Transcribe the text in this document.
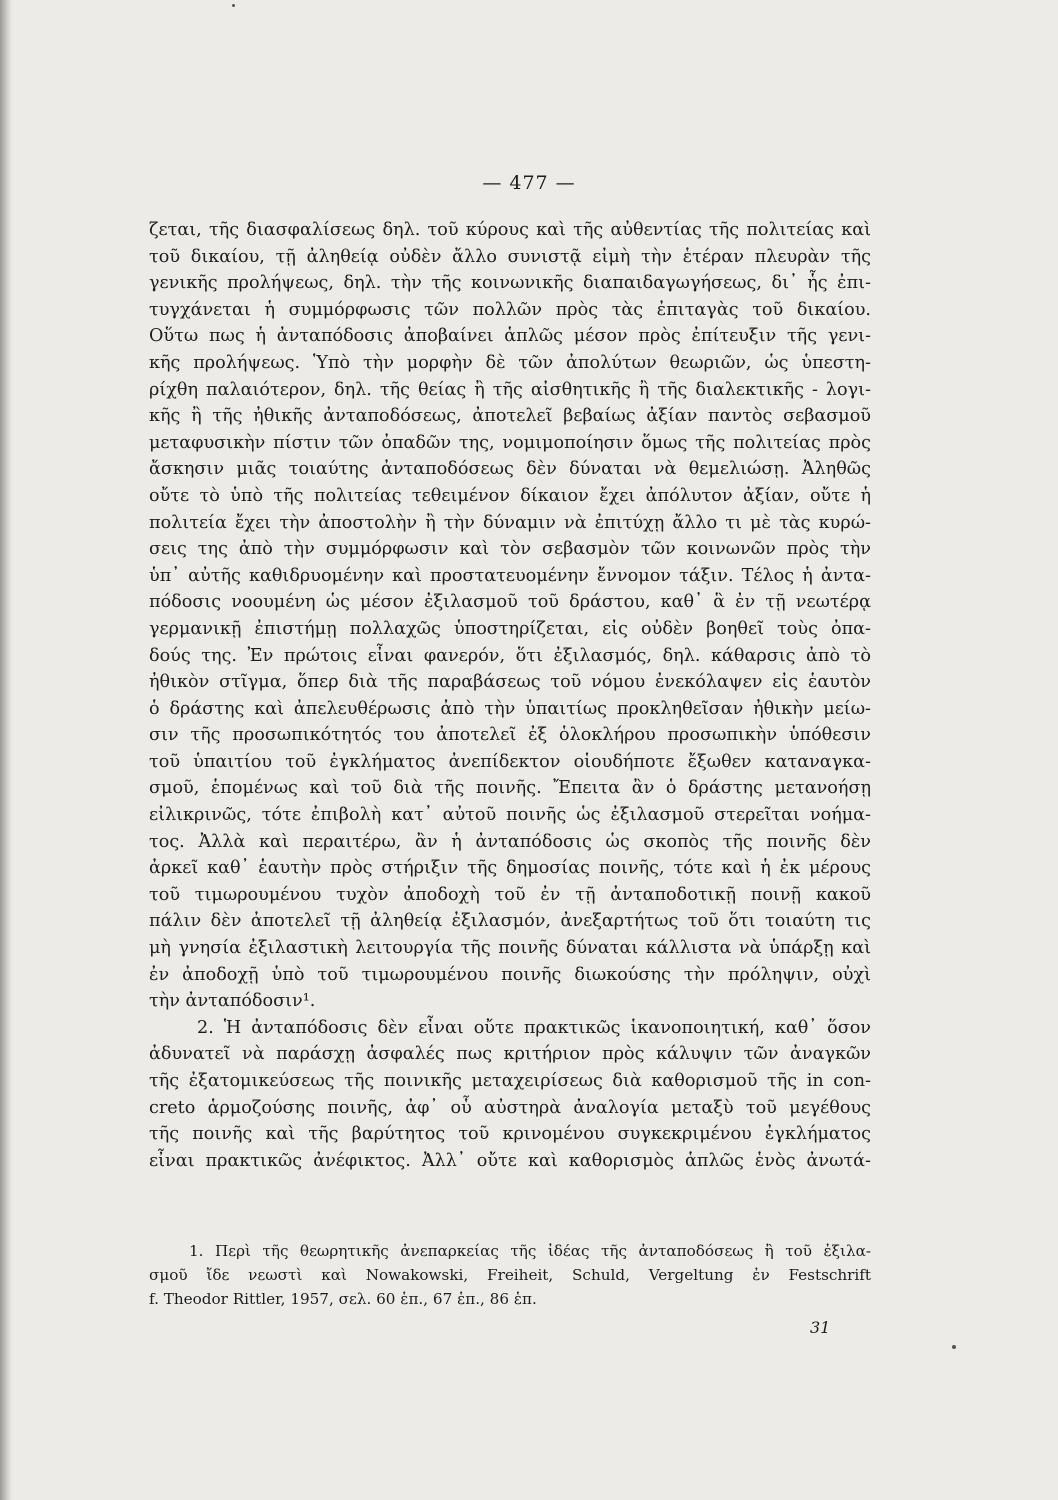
— 477 —
ζεται, τῆς διασφαλίσεως δηλ. τοῦ κύρους καὶ τῆς αὐθεντίας τῆς πολιτείας καὶ
τοῦ δικαίου, τῇ ἀληθείᾳ οὐδὲν ἄλλο συνιστᾷ εἰμὴ τὴν ἑτέραν πλευρὰν τῆς
γενικῆς προλήψεως, δηλ. τὴν τῆς κοινωνικῆς διαπαιδαγωγήσεως, δι᾽ ἧς ἐπι-
τυγχάνεται ἡ συμμόρφωσις τῶν πολλῶν πρὸς τὰς ἐπιταγὰς τοῦ δικαίου.
Οὕτω πως ἡ ἀνταπόδοσις ἀποβαίνει ἁπλῶς μέσον πρὸς ἐπίτευξιν τῆς γενι-
κῆς προλήψεως. Ὑπὸ τὴν μορφὴν δὲ τῶν ἀπολύτων θεωριῶν, ὡς ὑπεστη-
ρίχθη παλαιότερον, δηλ. τῆς θείας ἢ τῆς αἰσθητικῆς ἢ τῆς διαλεκτικῆς - λογι-
κῆς ἢ τῆς ἠθικῆς ἀνταποδόσεως, ἀποτελεῖ βεβαίως ἀξίαν παντὸς σεβασμοῦ
μεταφυσικὴν πίστιν τῶν ὀπαδῶν της, νομιμοποίησιν ὅμως τῆς πολιτείας πρὸς
ἄσκησιν μιᾶς τοιαύτης ἀνταποδόσεως δὲν δύναται νὰ θεμελιώσῃ. Ἀληθῶς
οὔτε τὸ ὑπὸ τῆς πολιτείας τεθειμένον δίκαιον ἔχει ἀπόλυτον ἀξίαν, οὔτε ἡ
πολιτεία ἔχει τὴν ἀποστολὴν ἢ τὴν δύναμιν νὰ ἐπιτύχῃ ἄλλο τι μὲ τὰς κυρώ-
σεις της ἀπὸ τὴν συμμόρφωσιν καὶ τὸν σεβασμὸν τῶν κοινωνῶν πρὸς τὴν
ὑπ᾽ αὐτῆς καθιδρυομένην καὶ προστατευομένην ἔννομον τάξιν. Τέλος ἡ ἀντα-
πόδοσις νοουμένη ὡς μέσον ἐξιλασμοῦ τοῦ δράστου, καθ᾽ ἃ ἐν τῇ νεωτέρᾳ
γερμανικῇ ἐπιστήμῃ πολλαχῶς ὑποστηρίζεται, εἰς οὐδὲν βοηθεῖ τοὺς ὀπα-
δούς της. Ἐν πρώτοις εἶναι φανερόν, ὅτι ἐξιλασμός, δηλ. κάθαρσις ἀπὸ τὸ
ἠθικὸν στῖγμα, ὅπερ διὰ τῆς παραβάσεως τοῦ νόμου ἐνεκόλαψεν εἰς ἑαυτὸν
ὁ δράστης καὶ ἀπελευθέρωσις ἀπὸ τὴν ὑπαιτίως προκληθεῖσαν ἠθικὴν μείω-
σιν τῆς προσωπικότητός του ἀποτελεῖ ἐξ ὁλοκλήρου προσωπικὴν ὑπόθεσιν
τοῦ ὑπαιτίου τοῦ ἐγκλήματος ἀνεπίδεκτον οἱουδήποτε ἔξωθεν καταναγκα-
σμοῦ, ἑπομένως καὶ τοῦ διὰ τῆς ποινῆς. Ἔπειτα ἂν ὁ δράστης μετανοήσῃ
εἰλικρινῶς, τότε ἐπιβολὴ κατ᾽ αὐτοῦ ποινῆς ὡς ἐξιλασμοῦ στερεῖται νοήμα-
τος. Ἀλλὰ καὶ περαιτέρω, ἂν ἡ ἀνταπόδοσις ὡς σκοπὸς τῆς ποινῆς δὲν
ἀρκεῖ καθ᾽ ἑαυτὴν πρὸς στήριξιν τῆς δημοσίας ποινῆς, τότε καὶ ἡ ἐκ μέρους
τοῦ τιμωρουμένου τυχὸν ἀποδοχὴ τοῦ ἐν τῇ ἀνταποδοτικῇ ποινῇ κακοῦ
πάλιν δὲν ἀποτελεῖ τῇ ἀληθείᾳ ἐξιλασμόν, ἀνεξαρτήτως τοῦ ὅτι τοιαύτη τις
μὴ γνησία ἐξιλαστικὴ λειτουργία τῆς ποινῆς δύναται κάλλιστα νὰ ὑπάρξῃ καὶ
ἐν ἀποδοχῇ ὑπὸ τοῦ τιμωρουμένου ποινῆς διωκούσης τὴν πρόληψιν, οὐχὶ
τὴν ἀνταπόδοσιν¹.
2. Ἡ ἀνταπόδοσις δὲν εἶναι οὔτε πρακτικῶς ἱκανοποιητική, καθ᾽ ὅσον
ἀδυνατεῖ νὰ παράσχῃ ἀσφαλές πως κριτήριον πρὸς κάλυψιν τῶν ἀναγκῶν
τῆς ἐξατομικεύσεως τῆς ποινικῆς μεταχειρίσεως διὰ καθορισμοῦ τῆς in con-
creto ἁρμοζούσης ποινῆς, ἀφ᾽ οὗ αὐστηρὰ ἀναλογία μεταξὺ τοῦ μεγέθους
τῆς ποινῆς καὶ τῆς βαρύτητος τοῦ κρινομένου συγκεκριμένου ἐγκλήματος
εἶναι πρακτικῶς ἀνέφικτος. Ἀλλ᾽ οὔτε καὶ καθορισμὸς ἁπλῶς ἑνὸς ἀνωτά-
1. Περὶ τῆς θεωρητικῆς ἀνεπαρκείας τῆς ἰδέας τῆς ἀνταποδόσεως ἢ τοῦ ἐξιλα-
σμοῦ ἴδε νεωστὶ καὶ Nowakowski, Freiheit, Schuld, Vergeltung ἐν Festschrift
f. Theodor Rittler, 1957, σελ. 60 ἑπ., 67 ἑπ., 86 ἑπ.
31
